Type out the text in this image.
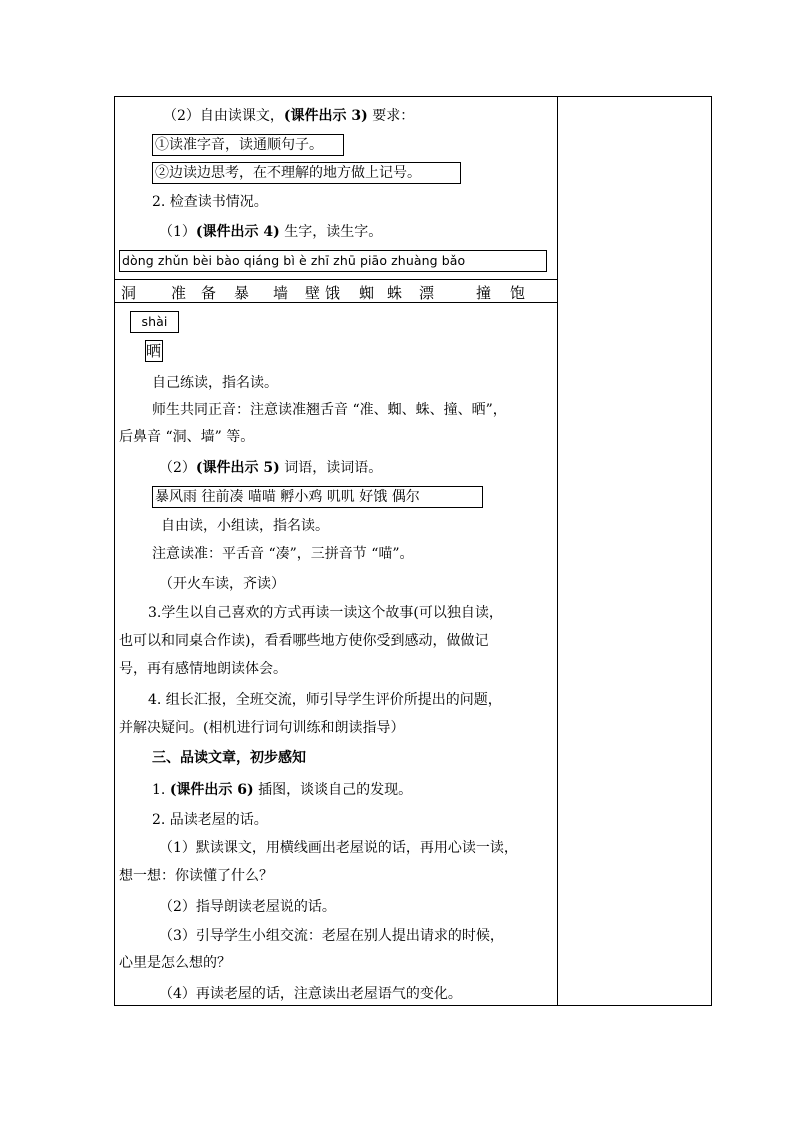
（2）自由读课文，(课件出示 3) 要求：
①读准字音，读通顺句子。
②边读边思考，在不理解的地方做上记号。
2. 检查读书情况。
（1）(课件出示 4) 生字，读生字。
dòng zhǔn bèi bào qiáng bì è zhī zhū piāo zhuàng bǎo
洞 准 备 暴 墙 壁 饿 蜘 蛛 漂	撞 饱
shài
晒
自己练读，指名读。
师生共同正音：注意读准翘舌音 “准、蜘、蛛、撞、晒”，
后鼻音 “洞、墙” 等。
（2）(课件出示 5) 词语，读词语。
暴风雨 往前凑 喵喵 孵小鸡 叽叽 好饿 偶尔
自由读，小组读，指名读。
注意读准：平舌音 “凑”，三拼音节 “喵”。
（开火车读，齐读）
3.学生以自己喜欢的方式再读一读这个故事(可以独自读，
也可以和同桌合作读)，看看哪些地方使你受到感动，做做记
号，再有感情地朗读体会。
4. 组长汇报，全班交流，师引导学生评价所提出的问题，
并解决疑问。(相机进行词句训练和朗读指导）
三、品读文章，初步感知
1. (课件出示 6) 插图，谈谈自己的发现。
2. 品读老屋的话。
（1）默读课文，用横线画出老屋说的话，再用心读一读，
想一想：你读懂了什么？
（2）指导朗读老屋说的话。
（3）引导学生小组交流：老屋在别人提出请求的时候，
心里是怎么想的？
（4）再读老屋的话，注意读出老屋语气的变化。
